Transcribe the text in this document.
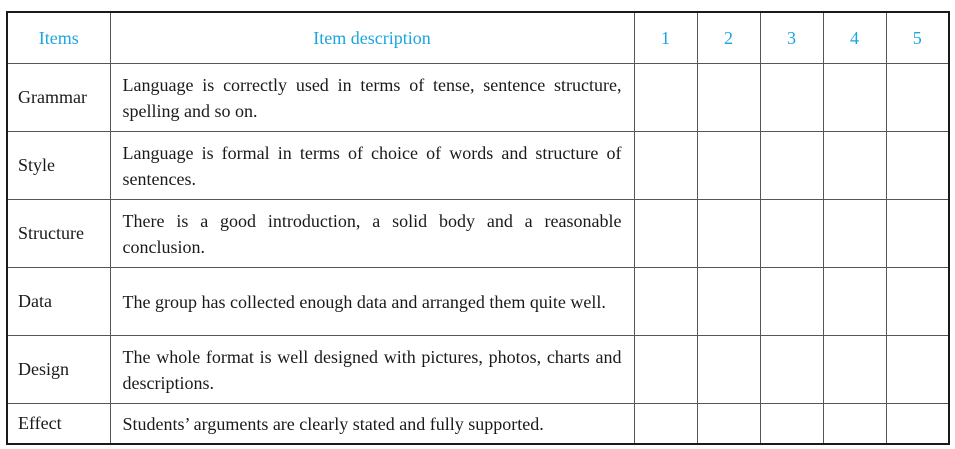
Items	Item description	1	2	3	4	5
Grammar	Language is correctly used in terms of tense, sentence structure, spelling and so on.					
Style	Language is formal in terms of choice of words and structure of sentences.					
Structure	There is a good introduction, a solid body and a reasonable conclusion.					
Data	The group has collected enough data and arranged them quite well.					
Design	The whole format is well designed with pictures, photos, charts and descriptions.					
Effect	Students’ arguments are clearly stated and fully supported.					
